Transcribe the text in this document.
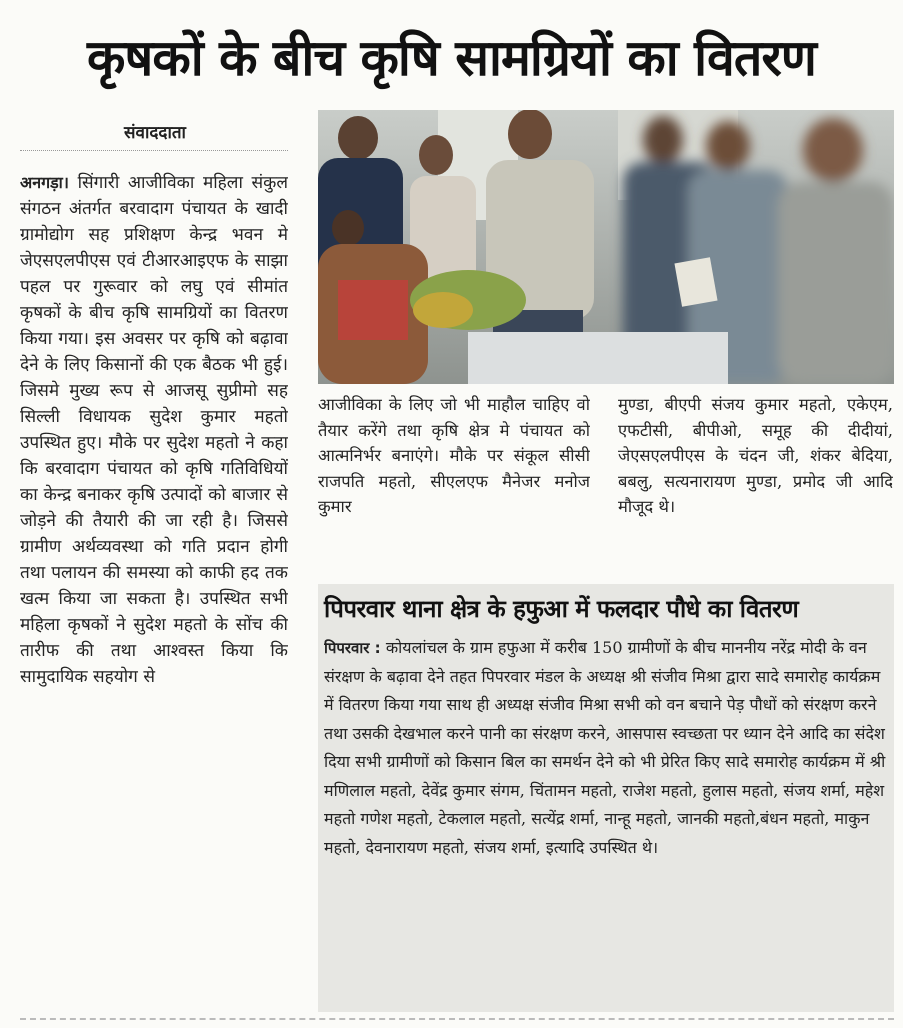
कृषकों के बीच कृषि सामग्रियों का वितरण
संवाददाता
अनगड़ा। सिंगारी आजीविका महिला संकुल संगठन अंतर्गत बरवादाग पंचायत के खादी ग्रामोद्योग सह प्रशिक्षण केन्द्र भवन मे जेएसएलपीएस एवं टीआरआइएफ के साझा पहल पर गुरूवार को लघु एवं सीमांत कृषकों के बीच कृषि सामग्रियों का वितरण किया गया। इस अवसर पर कृषि को बढ़ावा देने के लिए किसानों की एक बैठक भी हुई। जिसमे मुख्य रूप से आजसू सुप्रीमो सह सिल्ली विधायक सुदेश कुमार महतो उपस्थित हुए। मौके पर सुदेश महतो ने कहा कि बरवादाग पंचायत को कृषि गतिविधियों का केन्द्र बनाकर कृषि उत्पादों को बाजार से जोड़ने की तैयारी की जा रही है। जिससे ग्रामीण अर्थव्यवस्था को गति प्रदान होगी तथा पलायन की समस्या को काफी हद तक खत्म किया जा सकता है। उपस्थित सभी महिला कृषकों ने सुदेश महतो के सोंच की तारीफ की तथा आश्वस्त किया कि सामुदायिक सहयोग से
आजीविका के लिए जो भी माहौल चाहिए वो तैयार करेंगे तथा कृषि क्षेत्र मे पंचायत को आत्मनिर्भर बनाएंगे। मौके पर संकूल सीसी राजपति महतो, सीएलएफ मैनेजर मनोज कुमार
मुण्डा, बीएपी संजय कुमार महतो, एकेएम, एफटीसी, बीपीओ, समूह की दीदीयां, जेएसएलपीएस के चंदन जी, शंकर बेदिया, बबलु, सत्यनारायण मुण्डा, प्रमोद जी आदि मौजूद थे।
पिपरवार थाना क्षेत्र के हफुआ में फलदार पौधे का वितरण
पिपरवार : कोयलांचल के ग्राम हफुआ में करीब 150 ग्रामीणों के बीच माननीय नरेंद्र मोदी के वन संरक्षण के बढ़ावा देने तहत पिपरवार मंडल के अध्यक्ष श्री संजीव मिश्रा द्वारा सादे समारोह कार्यक्रम में वितरण किया गया साथ ही अध्यक्ष संजीव मिश्रा सभी को वन बचाने पेड़ पौधों को संरक्षण करने तथा उसकी देखभाल करने पानी का संरक्षण करने, आसपास स्वच्छता पर ध्यान देने आदि का संदेश दिया सभी ग्रामीणों को किसान बिल का समर्थन देने को भी प्रेरित किए सादे समारोह कार्यक्रम में श्री मणिलाल महतो, देवेंद्र कुमार संगम, चिंतामन महतो, राजेश महतो, हुलास महतो, संजय शर्मा, महेश महतो गणेश महतो, टेकलाल महतो, सत्येंद्र शर्मा, नान्हू महतो, जानकी महतो,बंधन महतो, माकुन महतो, देवनारायण महतो, संजय शर्मा, इत्यादि उपस्थित थे।
